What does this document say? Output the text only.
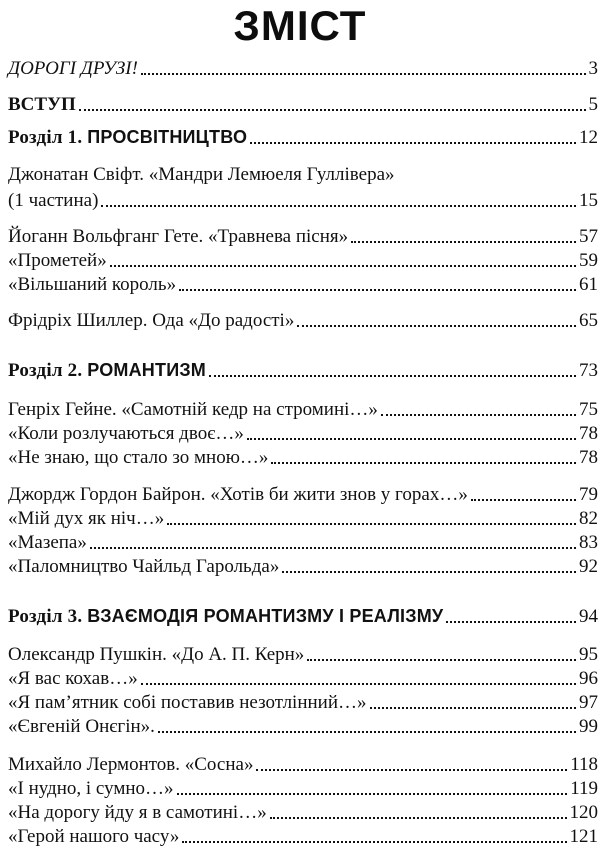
ЗМІСТ
ДОРОГІ ДРУЗІ!	3
ВСТУП	5
Розділ 1. ПРОСВІТНИЦТВО	12
Джонатан Свіфт. «Мандри Лемюеля Гуллівера»
(1 частина)	15
Йоганн Вольфганг Гете. «Травнева пісня»	57
«Прометей»	59
«Вільшаний король»	61
Фрідріх Шиллер. Ода «До радості»	65
Розділ 2. РОМАНТИЗМ	73
Генріх Гейне. «Самотній кедр на стромині…»	75
«Коли розлучаються двоє…»	78
«Не знаю, що стало зо мною…»	78
Джордж Гордон Байрон. «Хотів би жити знов у горах…»	79
«Мій дух як ніч…»	82
«Мазепа»	83
«Паломництво Чайльд Гарольда»	92
Розділ 3. ВЗАЄМОДІЯ РОМАНТИЗМУ І РЕАЛІЗМУ	94
Олександр Пушкін. «До А. П. Керн»	95
«Я вас кохав…»	96
«Я пам’ятник собі поставив незотлінний…»	97
«Євгеній Онєгін».	99
Михайло Лермонтов. «Сосна»	118
«І нудно, і сумно…»	119
«На дорогу йду я в самотині…»	120
«Герой нашого часу»	121
